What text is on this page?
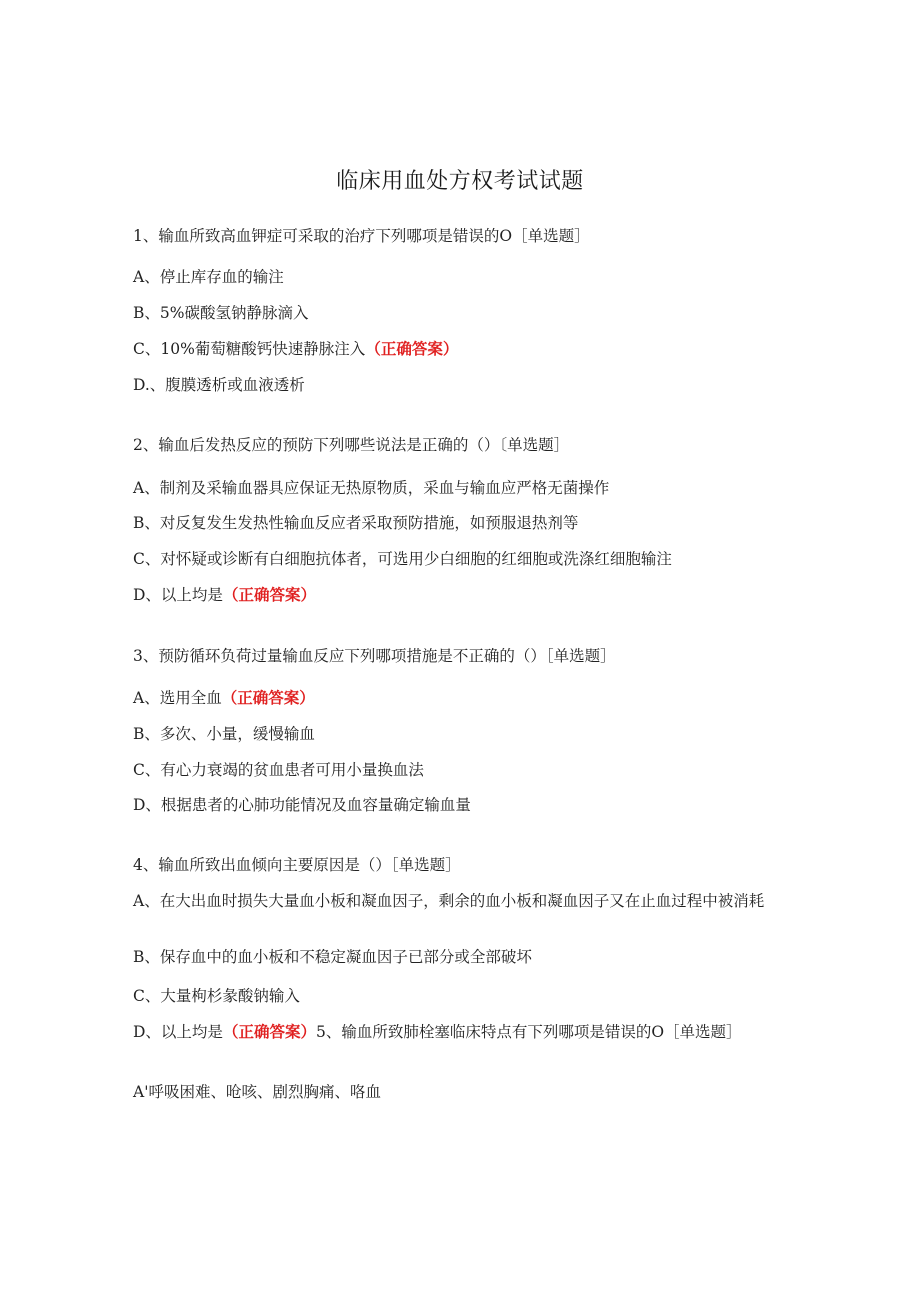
临床用血处方权考试试题
1、输血所致高血钾症可采取的治疗下列哪项是错误的O［单选题］
A、停止库存血的输注
B、5%碳酸氢钠静脉滴入
C、10%葡萄糖酸钙快速静脉注入（正确答案）
D.、腹膜透析或血液透析
2、输血后发热反应的预防下列哪些说法是正确的（）〔单选题］
A、制剂及采输血器具应保证无热原物质，采血与输血应严格无菌操作
B、对反复发生发热性输血反应者采取预防措施，如预服退热剂等
C、对怀疑或诊断有白细胞抗体者，可选用少白细胞的红细胞或洗涤红细胞输注
D、以上均是（正确答案）
3、预防循环负荷过量输血反应下列哪项措施是不正确的（）［单选题］
A、选用全血（正确答案）
B、多次、小量，缓慢输血
C、有心力衰竭的贫血患者可用小量换血法
D、根据患者的心肺功能情况及血容量确定输血量
4、输血所致出血倾向主要原因是（）［单选题］
A、在大出血时损失大量血小板和凝血因子，剩余的血小板和凝血因子又在止血过程中被消耗
B、保存血中的血小板和不稳定凝血因子已部分或全部破坏
C、大量枸杉彖酸钠输入
D、以上均是（正确答案）5、输血所致肺栓塞临床特点有下列哪项是错误的O［单选题］
A'呼吸困难、呛咳、剧烈胸痛、咯血
